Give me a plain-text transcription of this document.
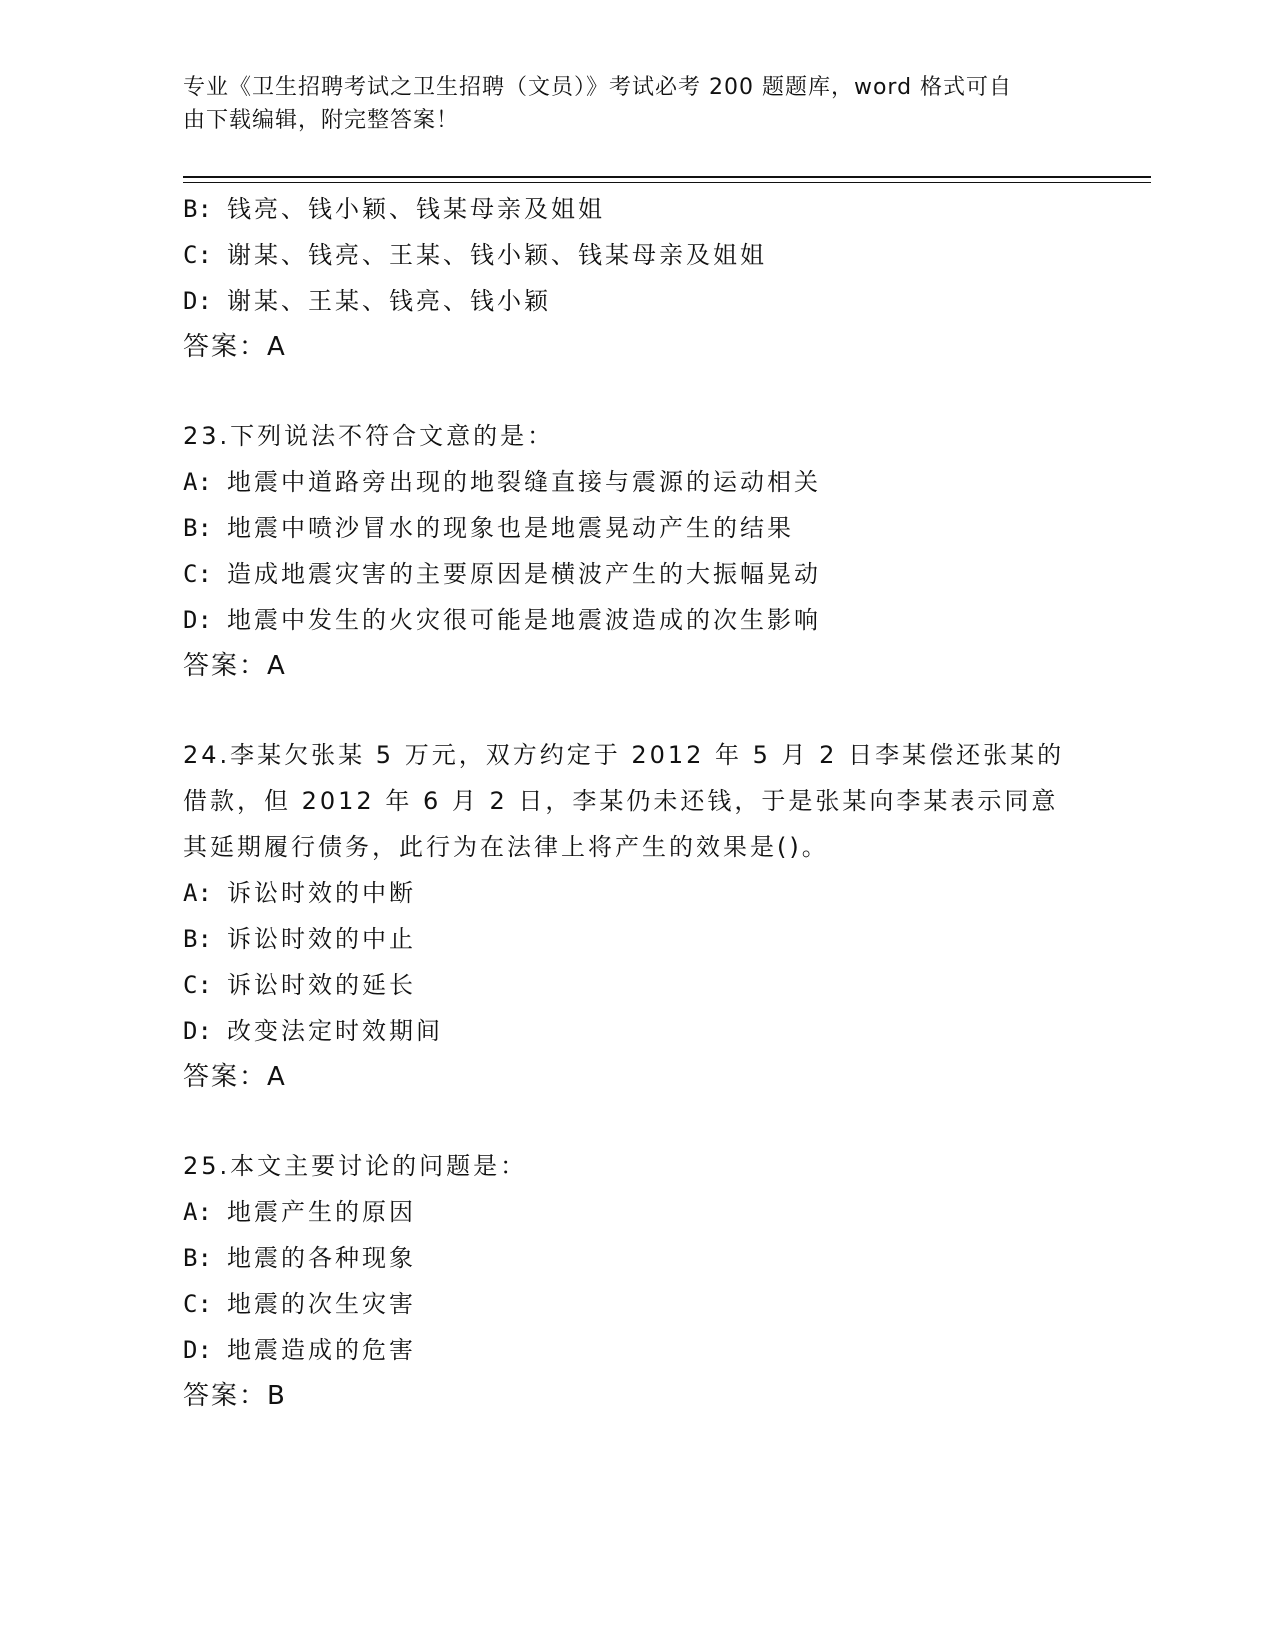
专业《卫生招聘考试之卫生招聘（文员）》考试必考 200 题题库，word 格式可自
由下载编辑，附完整答案！
B: 钱亮、钱小颖、钱某母亲及姐姐
C: 谢某、钱亮、王某、钱小颖、钱某母亲及姐姐
D: 谢某、王某、钱亮、钱小颖
答案：A
23.下列说法不符合文意的是：
A: 地震中道路旁出现的地裂缝直接与震源的运动相关
B: 地震中喷沙冒水的现象也是地震晃动产生的结果
C: 造成地震灾害的主要原因是横波产生的大振幅晃动
D: 地震中发生的火灾很可能是地震波造成的次生影响
答案：A
24.李某欠张某 5 万元，双方约定于 2012 年 5 月 2 日李某偿还张某的
借款，但 2012 年 6 月 2 日，李某仍未还钱，于是张某向李某表示同意
其延期履行债务，此行为在法律上将产生的效果是()。
A: 诉讼时效的中断
B: 诉讼时效的中止
C: 诉讼时效的延长
D: 改变法定时效期间
答案：A
25.本文主要讨论的问题是：
A: 地震产生的原因
B: 地震的各种现象
C: 地震的次生灾害
D: 地震造成的危害
答案：B
